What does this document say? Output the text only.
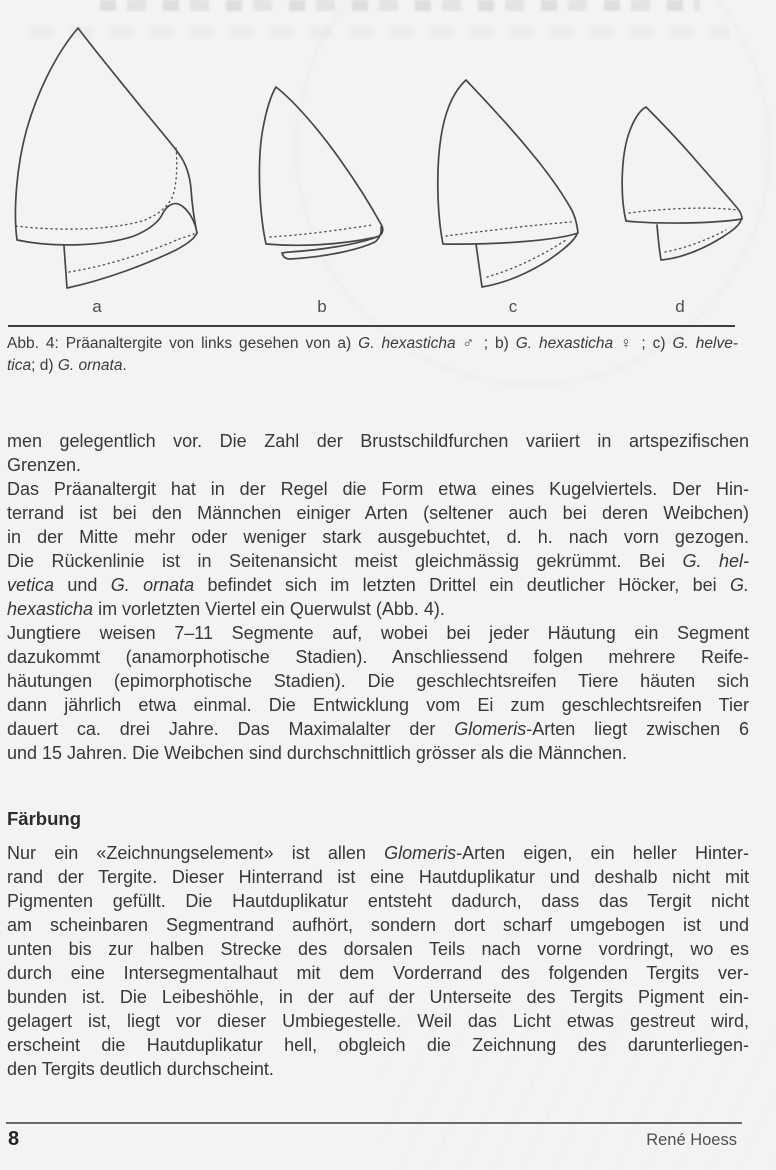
a	b	c	d
Abb. 4: Präanaltergite von links gesehen von a) G. hexasticha ♂ ; b) G. hexasticha ♀ ; c) G. helve-
tica; d) G. ornata.
men gelegentlich vor. Die Zahl der Brustschildfurchen variiert in artspezifischen
Grenzen.
Das Präanaltergit hat in der Regel die Form etwa eines Kugelviertels. Der Hin-
terrand ist bei den Männchen einiger Arten (seltener auch bei deren Weibchen)
in der Mitte mehr oder weniger stark ausgebuchtet, d. h. nach vorn gezogen.
Die Rückenlinie ist in Seitenansicht meist gleichmässig gekrümmt. Bei G. hel-
vetica und G. ornata befindet sich im letzten Drittel ein deutlicher Höcker, bei G.
hexasticha im vorletzten Viertel ein Querwulst (Abb. 4).
Jungtiere weisen 7–11 Segmente auf, wobei bei jeder Häutung ein Segment
dazukommt (anamorphotische Stadien). Anschliessend folgen mehrere Reife-
häutungen (epimorphotische Stadien). Die geschlechtsreifen Tiere häuten sich
dann jährlich etwa einmal. Die Entwicklung vom Ei zum geschlechtsreifen Tier
dauert ca. drei Jahre. Das Maximalalter der Glomeris-Arten liegt zwischen 6
und 15 Jahren. Die Weibchen sind durchschnittlich grösser als die Männchen.
Färbung
Nur ein «Zeichnungselement» ist allen Glomeris-Arten eigen, ein heller Hinter-
rand der Tergite. Dieser Hinterrand ist eine Hautduplikatur und deshalb nicht mit
Pigmenten gefüllt. Die Hautduplikatur entsteht dadurch, dass das Tergit nicht
am scheinbaren Segmentrand aufhört, sondern dort scharf umgebogen ist und
unten bis zur halben Strecke des dorsalen Teils nach vorne vordringt, wo es
durch eine Intersegmentalhaut mit dem Vorderrand des folgenden Tergits ver-
bunden ist. Die Leibeshöhle, in der auf der Unterseite des Tergits Pigment ein-
gelagert ist, liegt vor dieser Umbiegestelle. Weil das Licht etwas gestreut wird,
erscheint die Hautduplikatur hell, obgleich die Zeichnung des darunterliegen-
den Tergits deutlich durchscheint.
8	René Hoess
